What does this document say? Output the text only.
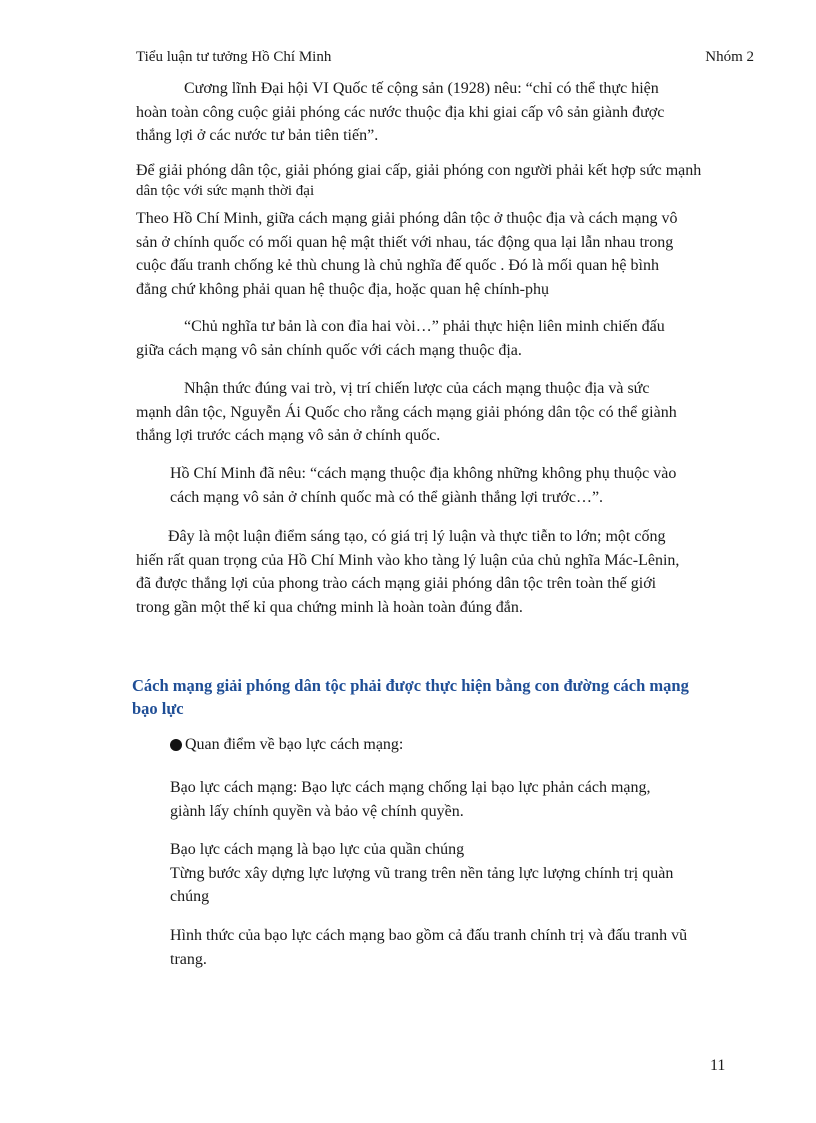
Tiểu luận tư tưởng Hồ Chí Minh	Nhóm 2

Cương lĩnh Đại hội VI Quốc tế cộng sản (1928) nêu: “chỉ có thể thực hiện
hoàn toàn công cuộc giải phóng các nước thuộc địa khi giai cấp vô sản giành được
thắng lợi ở các nước tư bản tiên tiến”.

Để giải phóng dân tộc, giải phóng giai cấp, giải phóng con người phải kết hợp sức mạnh
dân tộc với sức mạnh thời đại

Theo Hồ Chí Minh, giữa cách mạng giải phóng dân tộc ở thuộc địa và cách mạng vô
sản ở chính quốc có mối quan hệ mật thiết với nhau, tác động qua lại lẫn nhau trong
cuộc đấu tranh chống kẻ thù chung là chủ nghĩa đế quốc . Đó là mối quan hệ bình
đẳng chứ không phải quan hệ thuộc địa, hoặc quan hệ chính-phụ

“Chủ nghĩa tư bản là con đỉa hai vòi…” phải thực hiện liên minh chiến đấu
giữa cách mạng vô sản chính quốc với cách mạng thuộc địa.

Nhận thức đúng vai trò, vị trí chiến lược của cách mạng thuộc địa và sức
mạnh dân tộc, Nguyễn Ái Quốc cho rằng cách mạng giải phóng dân tộc có thể giành
thắng lợi trước cách mạng vô sản ở chính quốc.

Hồ Chí Minh đã nêu: “cách mạng thuộc địa không những không phụ thuộc vào
cách mạng vô sản ở chính quốc mà có thể giành thắng lợi trước…”.

Đây là một luận điểm sáng tạo, có giá trị lý luận và thực tiễn to lớn; một cống
hiến rất quan trọng của Hồ Chí Minh vào kho tàng lý luận của chủ nghĩa Mác-Lênin,
đã được thắng lợi của phong trào cách mạng giải phóng dân tộc trên toàn thế giới
trong gần một thế kỉ qua chứng minh là hoàn toàn đúng đắn.

Cách mạng giải phóng dân tộc phải được thực hiện bằng con đường cách mạng
bạo lực
Quan điểm về bạo lực cách mạng:

Bạo lực cách mạng: Bạo lực cách mạng chống lại bạo lực phản cách mạng,
giành lấy chính quyền và bảo vệ chính quyền.

Bạo lực cách mạng là bạo lực của quần chúng
Từng bước xây dựng lực lượng vũ trang trên nền tảng lực lượng chính trị quàn
chúng

Hình thức của bạo lực cách mạng bao gồm cả đấu tranh chính trị và đấu tranh vũ
trang.

11
